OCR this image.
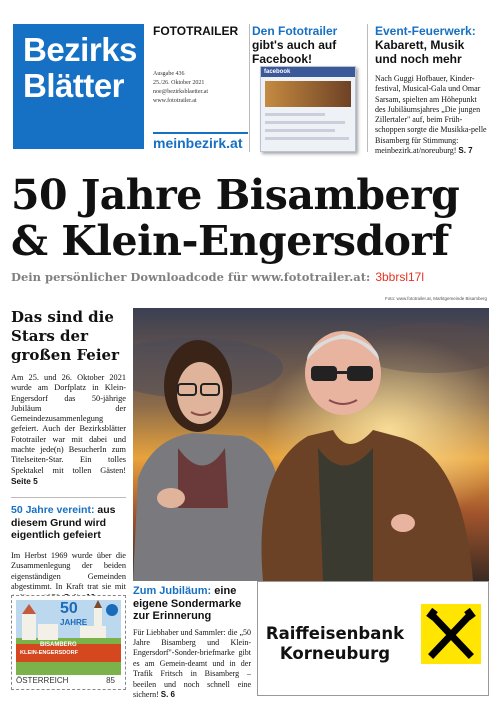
Bezirks
Blätter
FOTOTRAILER
Ausgabe 436
25./26. Oktober 2021
noe@bezirksblaetter.at
www.fototrailer.at
meinbezirk.at
Den Fototrailer
gibt's auch auf Facebook!
facebook
Event-Feuerwerk:
Kabarett, Musik und noch mehr
Nach Guggi Hofbauer, Kinder-festival, Musical-Gala und Omar Sarsam, spielten am Höhepunkt des Jubiläumsjahres „Die jungen Zillertaler" auf, beim Früh-schoppen sorgte die Musikka-pelle Bisamberg für Stimmung: meinbezirk.at/noreuburg! S. 7
50 Jahre Bisamberg
& Klein-Engersdorf
Dein persönlicher Downloadcode für www.fototrailer.at: 3bbrsl17l
Foto: www.fototrailer.at, Marktgemeinde Bisamberg
Das sind die Stars der großen Feier

Am 25. und 26. Oktober 2021 wurde am Dorfplatz in Klein-Engersdorf das 50-jährige Jubiläum der Gemeindezusammenlegung gefeiert. Auch der Bezirksblätter Fototrailer war mit dabei und machte jede(n) BesucherIn zum Titelseiten-Star. Ein tolles Spektakel mit tollen Gästen! Seite 5

50 Jahre vereint: aus diesem Grund wird eigentlich gefeiert

Im Herbst 1969 wurde über die Zusammenlegung der beiden eigenständigen Gemeinden abgestimmt. In Kraft trat sie mit

50
JAHRE
BISAMBERG
KLEIN-ENGERSDORF
ÖSTERREICH	85
Zum Jubiläum: eine eigene Sondermarke zur Erinnerung

Für Liebhaber und Sammler: die „50 Jahre Bisamberg und Klein-Engersdorf"-Sonder-briefmarke gibt es am Gemein-deamt und in der Trafik Fritsch in Bisamberg – beeilen und noch schnell eine sichern! S. 6

Raiffeisenbank
Korneuburg
